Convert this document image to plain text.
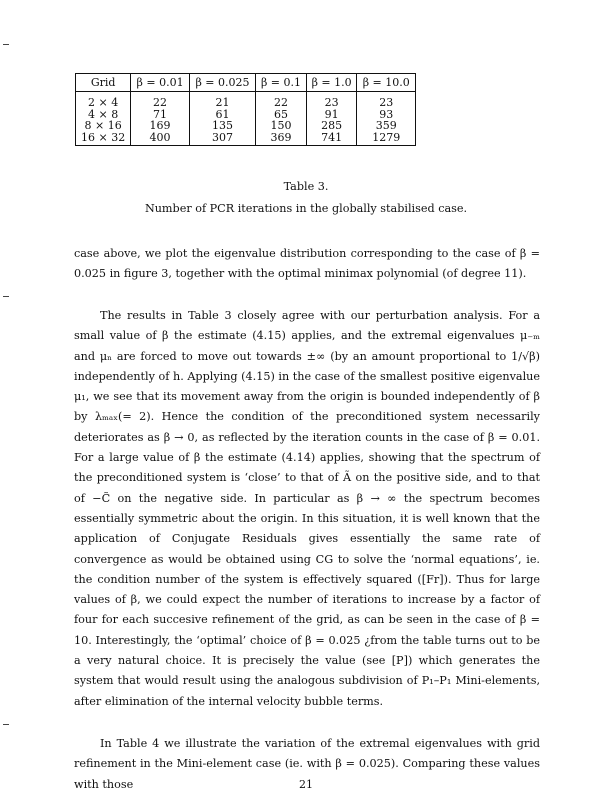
Grid	β = 0.01	β = 0.025	β = 0.1	β = 1.0	β = 10.0
2 × 4	22	21	22	23	23
4 × 8	71	61	65	91	93
8 × 16	169	135	150	285	359
16 × 32	400	307	369	741	1279
Table 3.
Number of PCR iterations in the globally stabilised case.

case above, we plot the eigenvalue distribution corresponding to the case of β = 0.025 in figure 3, together with the optimal minimax polynomial (of degree 11).

The results in Table 3 closely agree with our perturbation analysis. For a small value of β the estimate (4.15) applies, and the extremal eigenvalues μ₋ₘ and μₙ are forced to move out towards ±∞ (by an amount proportional to 1/√β) independently of h. Applying (4.15) in the case of the smallest positive eigenvalue μ₁, we see that its movement away from the origin is bounded independently of β by λₘₐₓ(= 2). Hence the condition of the preconditioned system necessarily deteriorates as β → 0, as reflected by the iteration counts in the case of β = 0.01. For a large value of β the estimate (4.14) applies, showing that the spectrum of the preconditioned system is ‘close’ to that of Ã on the positive side, and to that of −C̃ on the negative side. In particular as β → ∞ the spectrum becomes essentially symmetric about the origin. In this situation, it is well known that the application of Conjugate Residuals gives essentially the same rate of convergence as would be obtained using CG to solve the ‘normal equations’, ie. the condition number of the system is effectively squared ([Fr]). Thus for large values of β, we could expect the number of iterations to increase by a factor of four for each succesive refinement of the grid, as can be seen in the case of β = 10. Interestingly, the ‘optimal’ choice of β = 0.025 ¿from the table turns out to be a very natural choice. It is precisely the value (see [P]) which generates the system that would result using the analogous subdivision of P₁–P₁ Mini-elements, after elimination of the internal velocity bubble terms.

In Table 4 we illustrate the variation of the extremal eigenvalues with grid refinement in the Mini-element case (ie. with β = 0.025). Comparing these values with those	21
